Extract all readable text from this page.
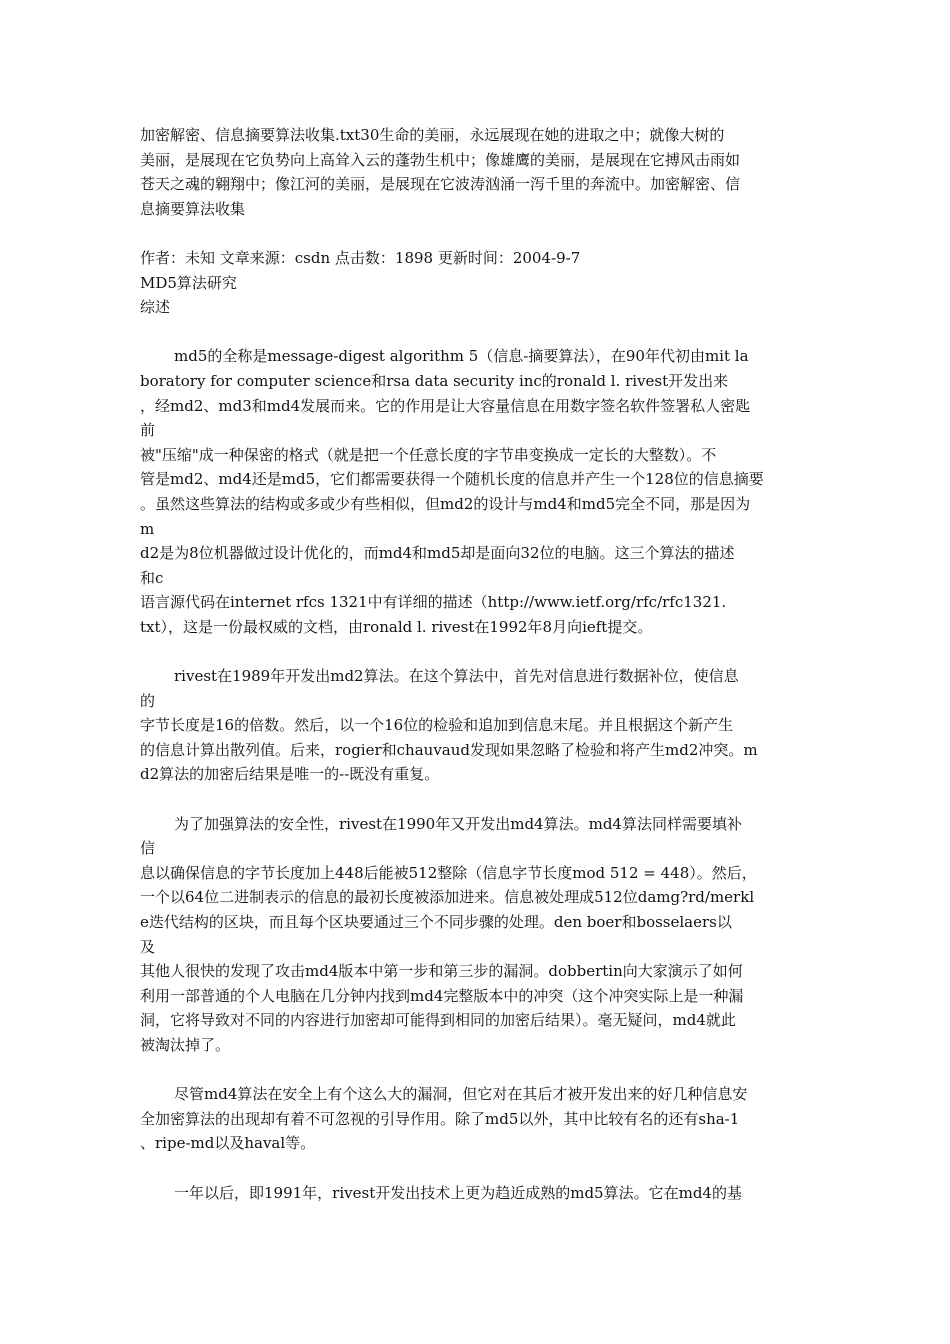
加密解密、信息摘要算法收集.txt30生命的美丽，永远展现在她的进取之中；就像大树的
美丽，是展现在它负势向上高耸入云的蓬勃生机中；像雄鹰的美丽，是展现在它搏风击雨如
苍天之魂的翱翔中；像江河的美丽，是展现在它波涛汹涌一泻千里的奔流中。加密解密、信
息摘要算法收集
作者：未知 文章来源：csdn 点击数：1898 更新时间：2004-9-7
MD5算法研究
综述
md5的全称是message-digest algorithm 5（信息-摘要算法），在90年代初由mit la
boratory for computer science和rsa data security inc的ronald l. rivest开发出来
，经md2、md3和md4发展而来。它的作用是让大容量信息在用数字签名软件签署私人密匙
前
被"压缩"成一种保密的格式（就是把一个任意长度的字节串变换成一定长的大整数）。不
管是md2、md4还是md5，它们都需要获得一个随机长度的信息并产生一个128位的信息摘要
。虽然这些算法的结构或多或少有些相似，但md2的设计与md4和md5完全不同，那是因为
m
d2是为8位机器做过设计优化的，而md4和md5却是面向32位的电脑。这三个算法的描述
和c
语言源代码在internet rfcs 1321中有详细的描述（http://www.ietf.org/rfc/rfc1321.
txt），这是一份最权威的文档，由ronald l. rivest在1992年8月向ieft提交。
rivest在1989年开发出md2算法。在这个算法中，首先对信息进行数据补位，使信息
的
字节长度是16的倍数。然后，以一个16位的检验和追加到信息末尾。并且根据这个新产生
的信息计算出散列值。后来，rogier和chauvaud发现如果忽略了检验和将产生md2冲突。m
d2算法的加密后结果是唯一的--既没有重复。
为了加强算法的安全性，rivest在1990年又开发出md4算法。md4算法同样需要填补
信
息以确保信息的字节长度加上448后能被512整除（信息字节长度mod 512 = 448）。然后，
一个以64位二进制表示的信息的最初长度被添加进来。信息被处理成512位damg?rd/merkl
e迭代结构的区块，而且每个区块要通过三个不同步骤的处理。den boer和bosselaers以
及
其他人很快的发现了攻击md4版本中第一步和第三步的漏洞。dobbertin向大家演示了如何
利用一部普通的个人电脑在几分钟内找到md4完整版本中的冲突（这个冲突实际上是一种漏
洞，它将导致对不同的内容进行加密却可能得到相同的加密后结果）。毫无疑问，md4就此
被淘汰掉了。
尽管md4算法在安全上有个这么大的漏洞，但它对在其后才被开发出来的好几种信息安
全加密算法的出现却有着不可忽视的引导作用。除了md5以外，其中比较有名的还有sha-1
、ripe-md以及haval等。
一年以后，即1991年，rivest开发出技术上更为趋近成熟的md5算法。它在md4的基
